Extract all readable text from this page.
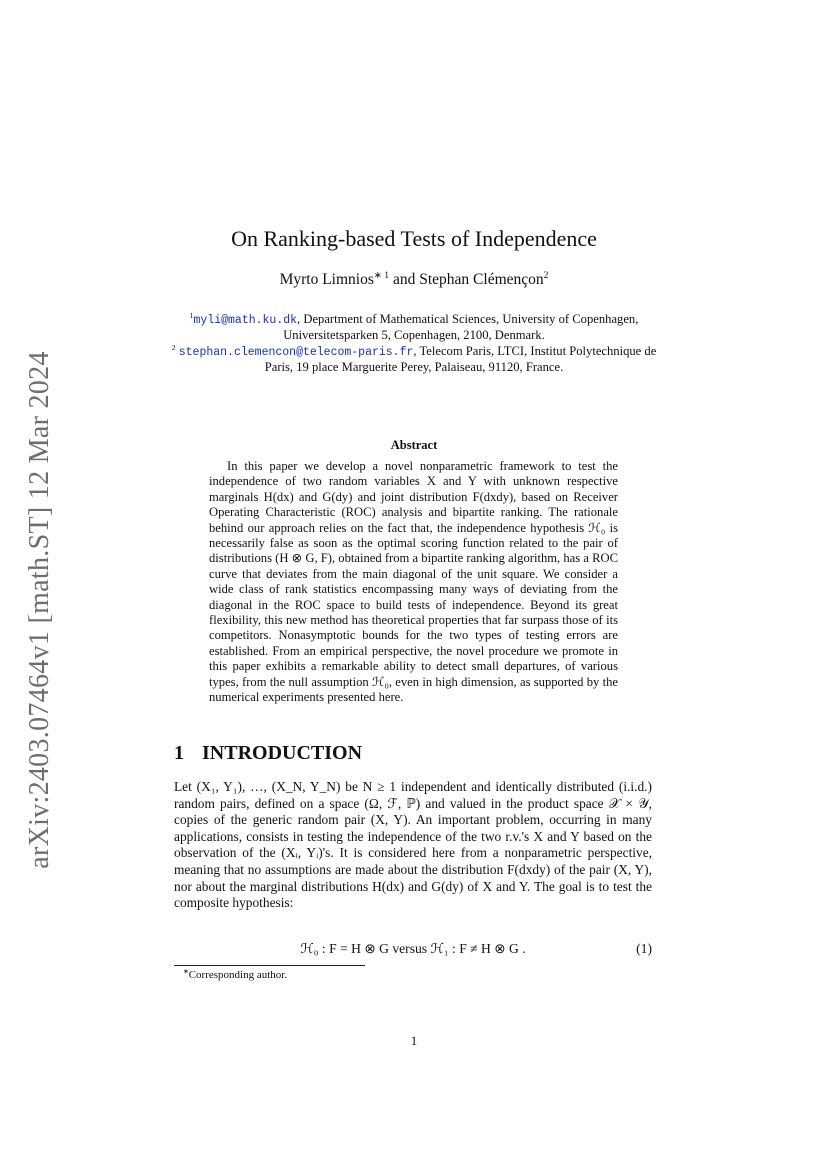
arXiv:2403.07464v1 [math.ST] 12 Mar 2024
On Ranking-based Tests of Independence
Myrto Limnios$^{∗ 1}$ and Stephan Clémençon$^2$
$^1$myli@math.ku.dk, Department of Mathematical Sciences, University of Copenhagen, Universitetsparken 5, Copenhagen, 2100, Denmark.
$^2$ stephan.clemencon@telecom-paris.fr, Telecom Paris, LTCI, Institut Polytechnique de Paris, 19 place Marguerite Perey, Palaiseau, 91120, France.
Abstract
In this paper we develop a novel nonparametric framework to test the independence of two random variables X and Y with unknown respective marginals H(dx) and G(dy) and joint distribution F(dxdy), based on Receiver Operating Characteristic (ROC) analysis and bipartite ranking. The rationale behind our approach relies on the fact that, the independence hypothesis ℋ₀ is necessarily false as soon as the optimal scoring function related to the pair of distributions (H ⊗ G, F), obtained from a bipartite ranking algorithm, has a ROC curve that deviates from the main diagonal of the unit square. We consider a wide class of rank statistics encompassing many ways of deviating from the diagonal in the ROC space to build tests of independence. Beyond its great flexibility, this new method has theoretical properties that far surpass those of its competitors. Nonasymptotic bounds for the two types of testing errors are established. From an empirical perspective, the novel procedure we promote in this paper exhibits a remarkable ability to detect small departures, of various types, from the null assumption ℋ₀, even in high dimension, as supported by the numerical experiments presented here.
1 INTRODUCTION
Let (X₁, Y₁), …, (X_N, Y_N) be N ≥ 1 independent and identically distributed (i.i.d.) random pairs, defined on a space (Ω, ℱ, ℙ) and valued in the product space 𝒳 × 𝒴, copies of the generic random pair (X, Y). An important problem, occurring in many applications, consists in testing the independence of the two r.v.'s X and Y based on the observation of the (Xᵢ, Yᵢ)'s. It is considered here from a nonparametric perspective, meaning that no assumptions are made about the distribution F(dxdy) of the pair (X, Y), nor about the marginal distributions H(dx) and G(dy) of X and Y. The goal is to test the composite hypothesis:
ℋ₀ : F = H ⊗ G versus ℋ₁ : F ≠ H ⊗ G .	(1)
∗Corresponding author.
1
